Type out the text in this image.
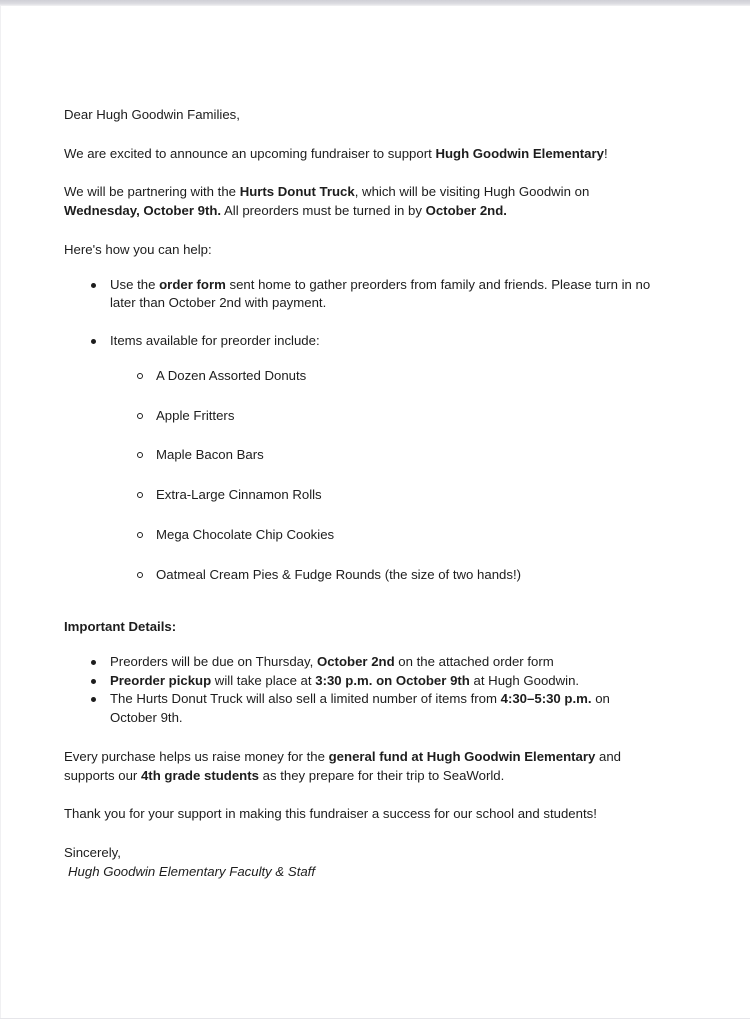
Dear Hugh Goodwin Families,

We are excited to announce an upcoming fundraiser to support Hugh Goodwin Elementary!

We will be partnering with the Hurts Donut Truck, which will be visiting Hugh Goodwin on Wednesday, October 9th. All preorders must be turned in by October 2nd.

Here's how you can help:

Use the order form sent home to gather preorders from family and friends. Please turn in no later than October 2nd with payment.
Items available for preorder include:
A Dozen Assorted Donuts
Apple Fritters
Maple Bacon Bars
Extra-Large Cinnamon Rolls
Mega Chocolate Chip Cookies
Oatmeal Cream Pies & Fudge Rounds (the size of two hands!)
Important Details:
Preorders will be due on Thursday, October 2nd on the attached order form
Preorder pickup will take place at 3:30 p.m. on October 9th at Hugh Goodwin.
The Hurts Donut Truck will also sell a limited number of items from 4:30–5:30 p.m. on October 9th.

Every purchase helps us raise money for the general fund at Hugh Goodwin Elementary and supports our 4th grade students as they prepare for their trip to SeaWorld.

Thank you for your support in making this fundraiser a success for our school and students!

Sincerely,

Hugh Goodwin Elementary Faculty & Staff
